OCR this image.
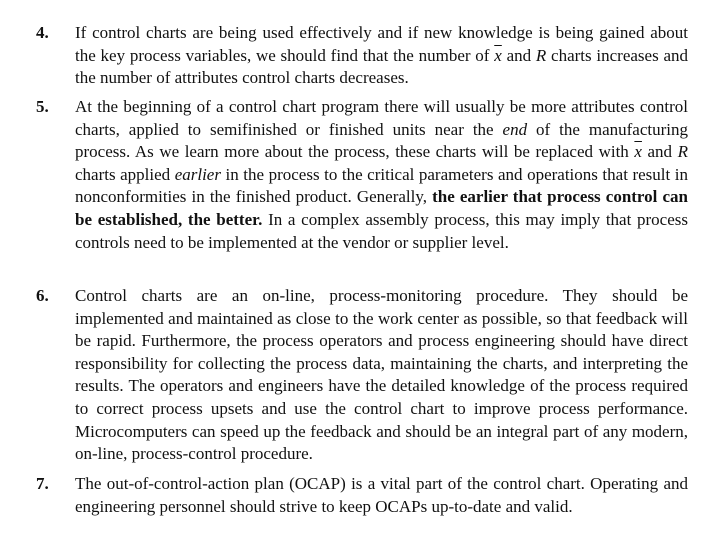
4.	If control charts are being used effectively and if new knowledge is being gained about the key process variables, we should find that the number of $\overline{x}$ and R charts increases and the number of attributes control charts decreases.
5.	At the beginning of a control chart program there will usually be more attributes control charts, applied to semifinished or finished units near the end of the manufacturing process. As we learn more about the process, these charts will be replaced with $\overline{x}$ and R charts applied earlier in the process to the critical parameters and operations that result in nonconformities in the finished product. Generally, the earlier that process control can be established, the better. In a complex assembly process, this may imply that process controls need to be implemented at the vendor or supplier level.
6.	Control charts are an on-line, process-monitoring procedure. They should be implemented and maintained as close to the work center as possible, so that feedback will be rapid. Furthermore, the process operators and process engineering should have direct responsibility for collecting the process data, maintaining the charts, and interpreting the results. The operators and engineers have the detailed knowledge of the process required to correct process upsets and use the control chart to improve process performance. Microcomputers can speed up the feedback and should be an integral part of any modern, on-line, process-control procedure.
7.	The out-of-control-action plan (OCAP) is a vital part of the control chart. Operating and engineering personnel should strive to keep OCAPs up-to-date and valid.
